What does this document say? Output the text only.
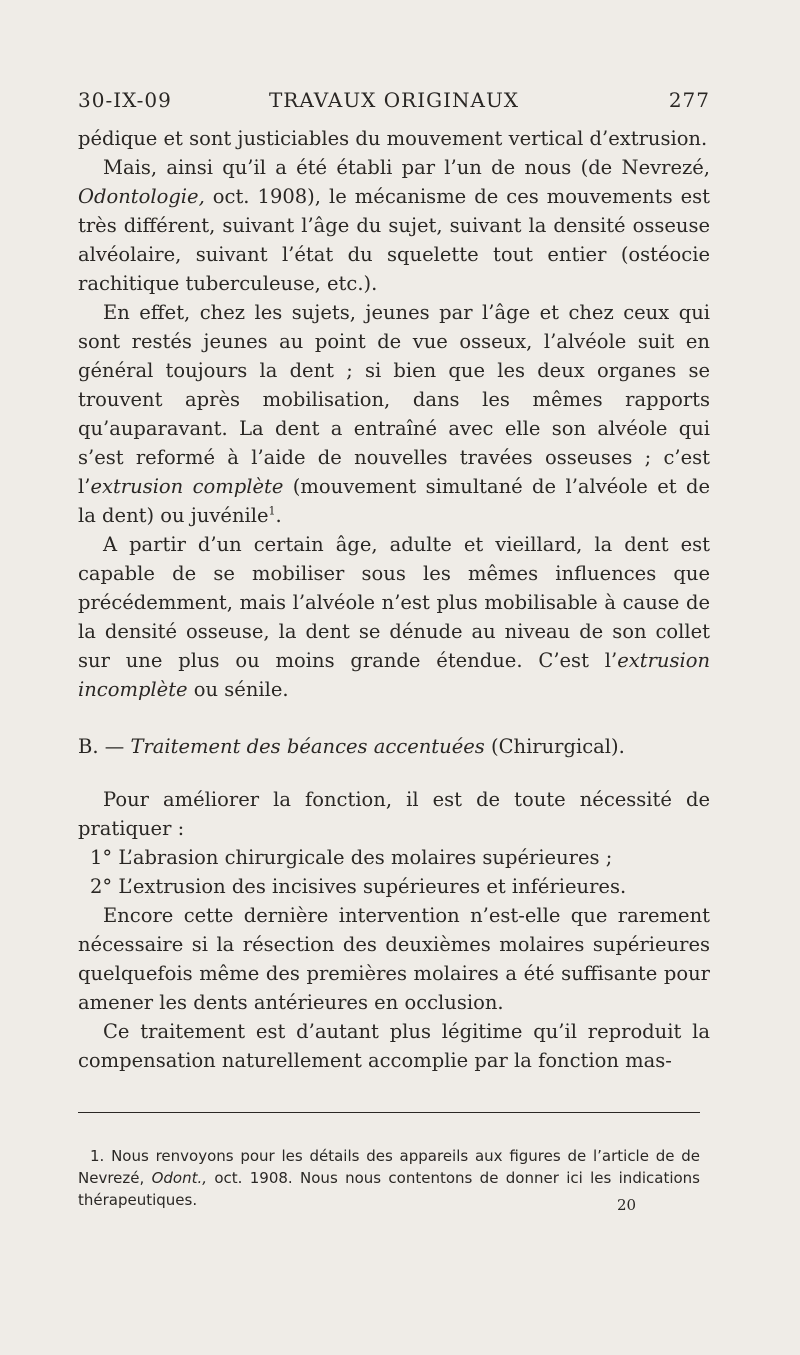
30-IX-09	TRAVAUX ORIGINAUX	277

pédique et sont justiciables du mouvement vertical d’extrusion.

Mais, ainsi qu’il a été établi par l’un de nous (de Nevrezé, Odontologie, oct. 1908), le mécanisme de ces mouvements est très différent, suivant l’âge du sujet, suivant la densité osseuse alvéolaire, suivant l’état du squelette tout entier (ostéocie rachitique tuberculeuse, etc.).

En effet, chez les sujets, jeunes par l’âge et chez ceux qui sont restés jeunes au point de vue osseux, l’alvéole suit en général toujours la dent ; si bien que les deux organes se trouvent après mobilisation, dans les mêmes rapports qu’auparavant. La dent a entraîné avec elle son alvéole qui s’est reformé à l’aide de nouvelles travées osseuses ; c’est l’extrusion complète (mouvement simultané de l’alvéole et de la dent) ou juvénile$^1$.

A partir d’un certain âge, adulte et vieillard, la dent est capable de se mobiliser sous les mêmes influences que précédemment, mais l’alvéole n’est plus mobilisable à cause de la densité osseuse, la dent se dénude au niveau de son collet sur une plus ou moins grande étendue. C’est l’extrusion incomplète ou sénile.

B. — Traitement des béances accentuées (Chirurgical).

Pour améliorer la fonction, il est de toute nécessité de pratiquer :

1° L’abrasion chirurgicale des molaires supérieures ;

2° L’extrusion des incisives supérieures et inférieures.

Encore cette dernière intervention n’est-elle que rarement nécessaire si la résection des deuxièmes molaires supérieures quelquefois même des premières molaires a été suffisante pour amener les dents antérieures en occlusion.

Ce traitement est d’autant plus légitime qu’il reproduit la compensation naturellement accomplie par la fonction mas-

1. Nous renvoyons pour les détails des appareils aux figures de l’article de de Nevrezé, Odont., oct. 1908. Nous nous contentons de donner ici les indications thérapeutiques.	20
